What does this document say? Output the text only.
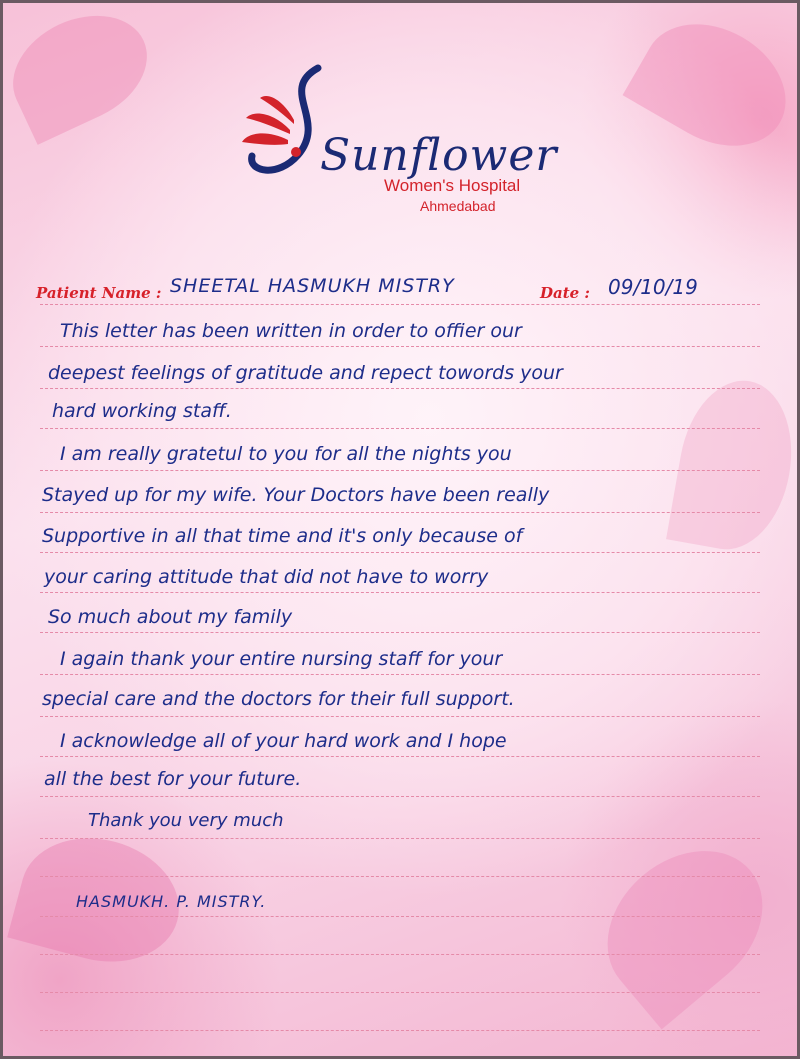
Sunflower
Women's Hospital
Ahmedabad
Patient Name : SHEETAL HASMUKH MISTRY	Date : 09/10/19
This letter has been written in order to offier our
deepest feelings of gratitude and repect towords your
hard working staff.
I am really gratetul to you for all the nights you
Stayed up for my wife. Your Doctors have been really
Supportive in all that time and it's only because of
your caring attitude that did not have to worry
So much about my family
I again thank your entire nursing staff for your
special care and the doctors for their full support.
I acknowledge all of your hard work and I hope
all the best for your future.
Thank you very much
HASMUKH. P. MISTRY.
